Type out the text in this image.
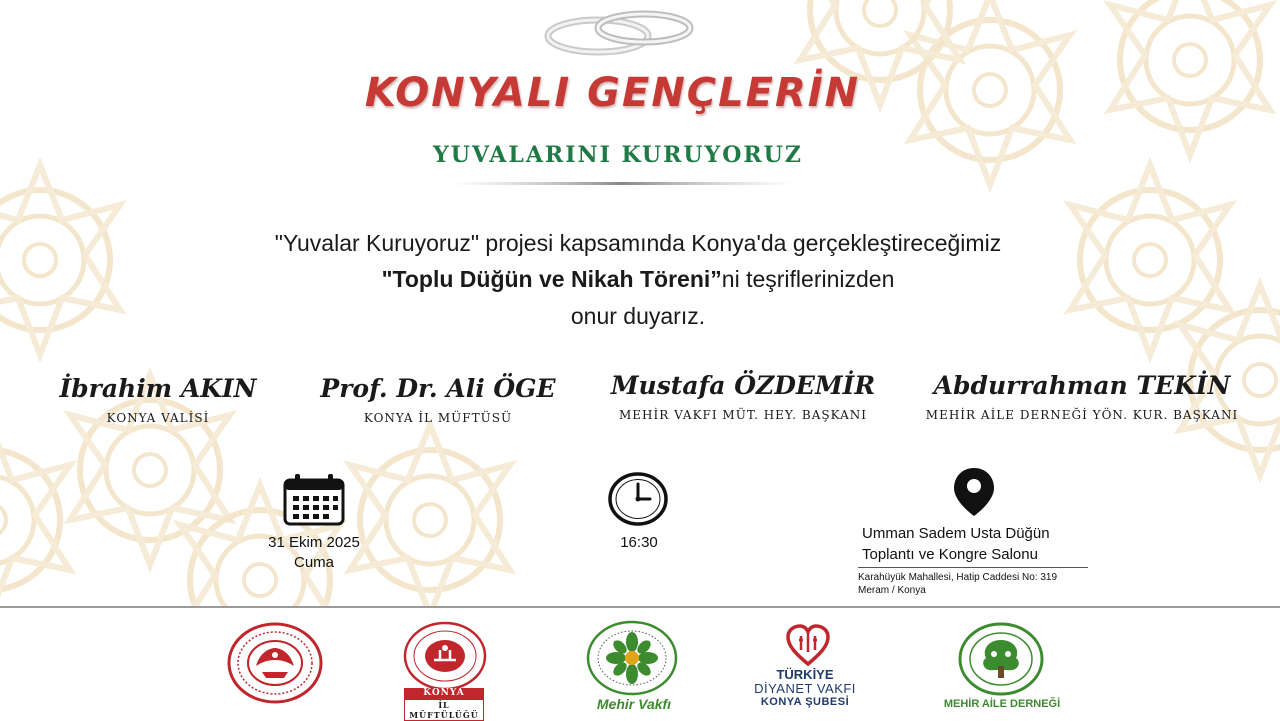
KONYALI GENÇLERİN
YUVALARINI KURUYORUZ
"Yuvalar Kuruyoruz" projesi kapsamında Konya'da gerçekleştireceğimiz
"Toplu Düğün ve Nikah Töreni”ni teşriflerinizden
onur duyarız.
İbrahim AKIN
KONYA VALİSİ
Prof. Dr. Ali ÖGE
KONYA İL MÜFTÜSÜ
Mustafa ÖZDEMİR
MEHİR VAKFI MÜT. HEY. BAŞKANI
Abdurrahman TEKİN
MEHİR AİLE DERNEĞİ YÖN. KUR. BAŞKANI
31 Ekim 2025
Cuma
16:30
Umman Sadem Usta Düğün
Toplantı ve Kongre Salonu
Karahüyük Mahallesi, Hatip Caddesi No: 319
Meram / Konya
KONYA
İL MÜFTÜLÜĞÜ
Mehir Vakfı
TÜRKİYE
DİYANET VAKFI
KONYA ŞUBESİ	MEHİR AİLE DERNEĞİ
